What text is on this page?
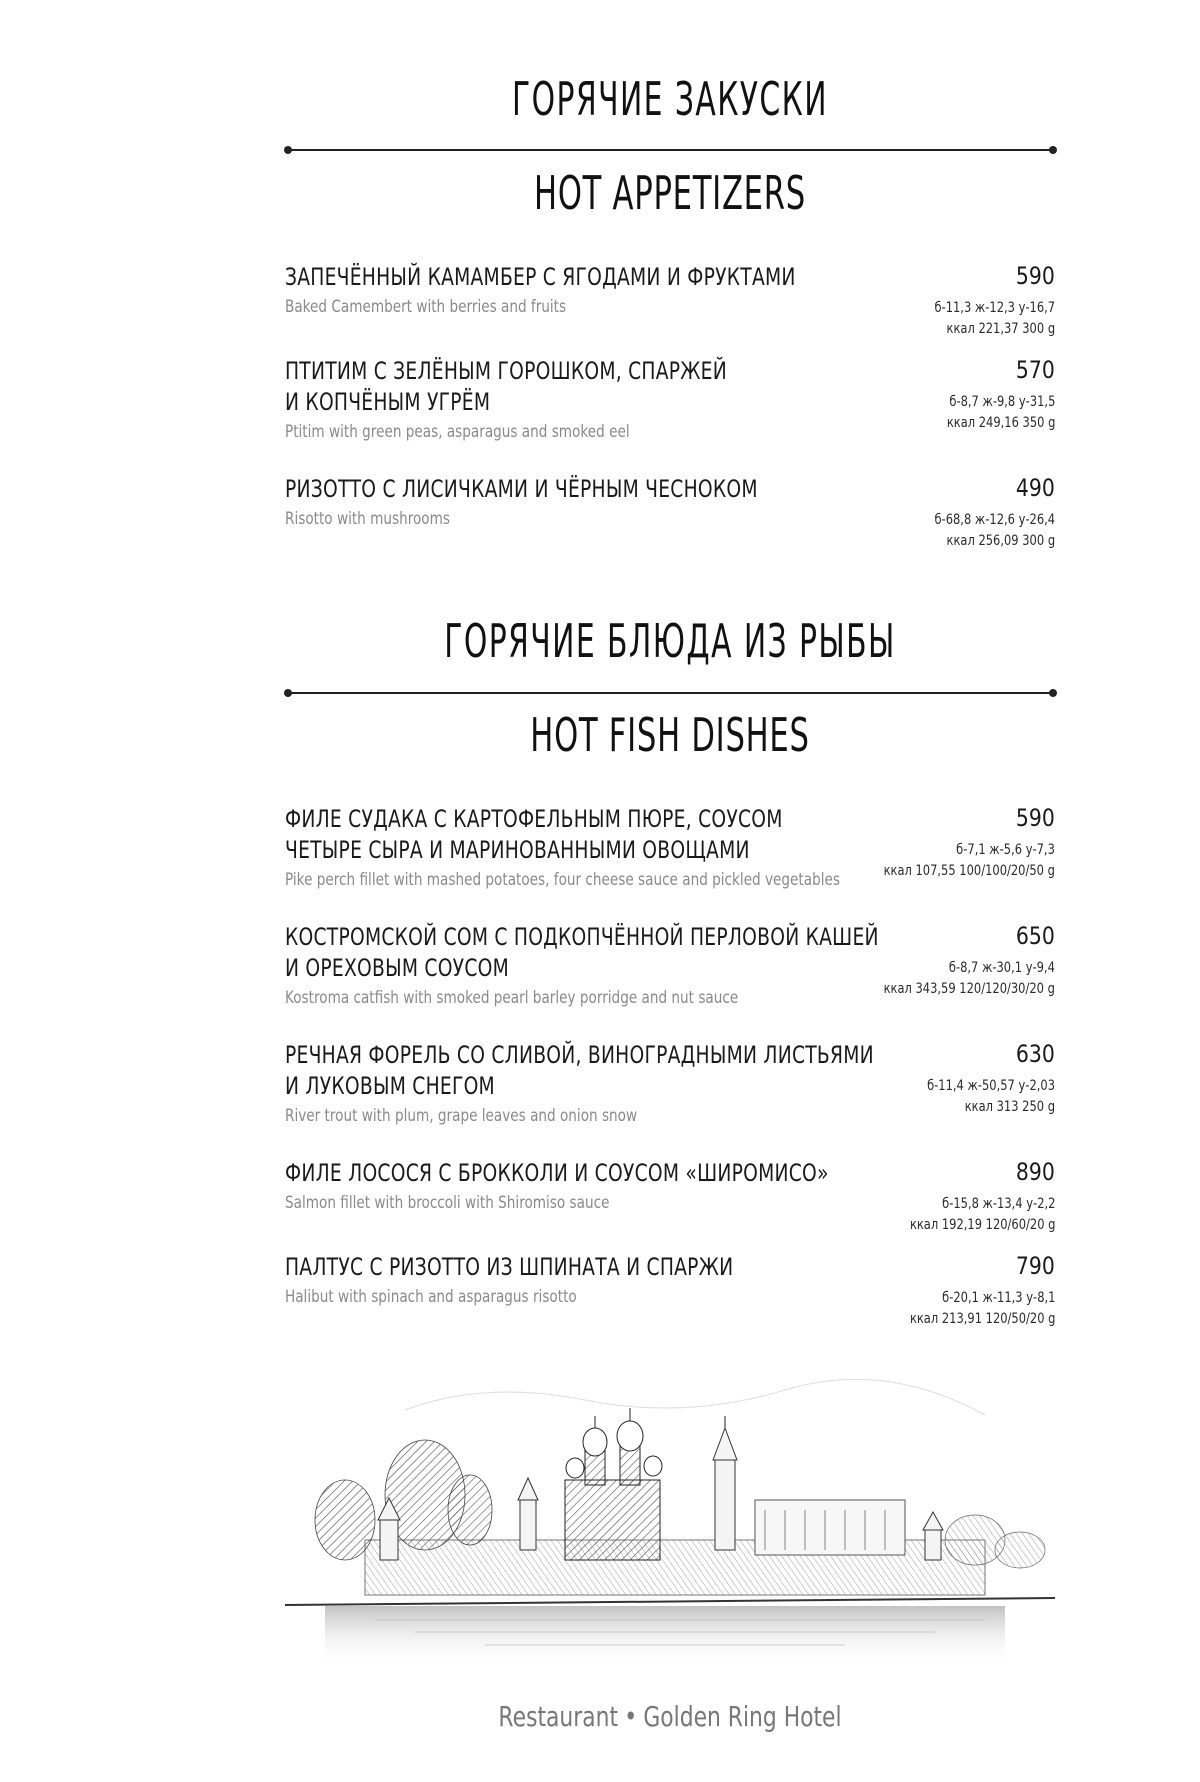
ГОРЯЧИЕ ЗАКУСКИ
HOT APPETIZERS
ЗАПЕЧЁННЫЙ КАМАМБЕР С ЯГОДАМИ И ФРУКТАМИ
Baked Camembert with berries and fruits
590
б-11,3 ж-12,3 у-16,7
ккал 221,37 300 g
ПТИТИМ С ЗЕЛЁНЫМ ГОРОШКОМ, СПАРЖЕЙ
И КОПЧЁНЫМ УГРЁМ
Ptitim with green peas, asparagus and smoked eel
570
б-8,7 ж-9,8 у-31,5
ккал 249,16 350 g
РИЗОТТО С ЛИСИЧКАМИ И ЧЁРНЫМ ЧЕСНОКОМ
Risotto with mushrooms
490
б-68,8 ж-12,6 у-26,4
ккал 256,09 300 g
ГОРЯЧИЕ БЛЮДА ИЗ РЫБЫ
HOT FISH DISHES
ФИЛЕ СУДАКА С КАРТОФЕЛЬНЫМ ПЮРЕ, СОУСОМ
ЧЕТЫРЕ СЫРА И МАРИНОВАННЫМИ ОВОЩАМИ
Pike perch fillet with mashed potatoes, four cheese sauce and pickled vegetables
590
б-7,1 ж-5,6 у-7,3
ккал 107,55 100/100/20/50 g
КОСТРОМСКОЙ СОМ С ПОДКОПЧЁННОЙ ПЕРЛОВОЙ КАШЕЙ
И ОРЕХОВЫМ СОУСОМ
Kostroma catfish with smoked pearl barley porridge and nut sauce
650
б-8,7 ж-30,1 у-9,4
ккал 343,59 120/120/30/20 g
РЕЧНАЯ ФОРЕЛЬ СО СЛИВОЙ, ВИНОГРАДНЫМИ ЛИСТЬЯМИ
И ЛУКОВЫМ СНЕГОМ
River trout with plum, grape leaves and onion snow
630
б-11,4 ж-50,57 у-2,03
ккал 313 250 g
ФИЛЕ ЛОСОСЯ С БРОККОЛИ И СОУСОМ «ШИРОМИСО»
Salmon fillet with broccoli with Shiromiso sauce
890
б-15,8 ж-13,4 у-2,2
ккал 192,19 120/60/20 g
ПАЛТУС С РИЗОТТО ИЗ ШПИНАТА И СПАРЖИ
Halibut with spinach and asparagus risotto
790
б-20,1 ж-11,3 у-8,1
ккал 213,91 120/50/20 g
Restaurant • Golden Ring Hotel
